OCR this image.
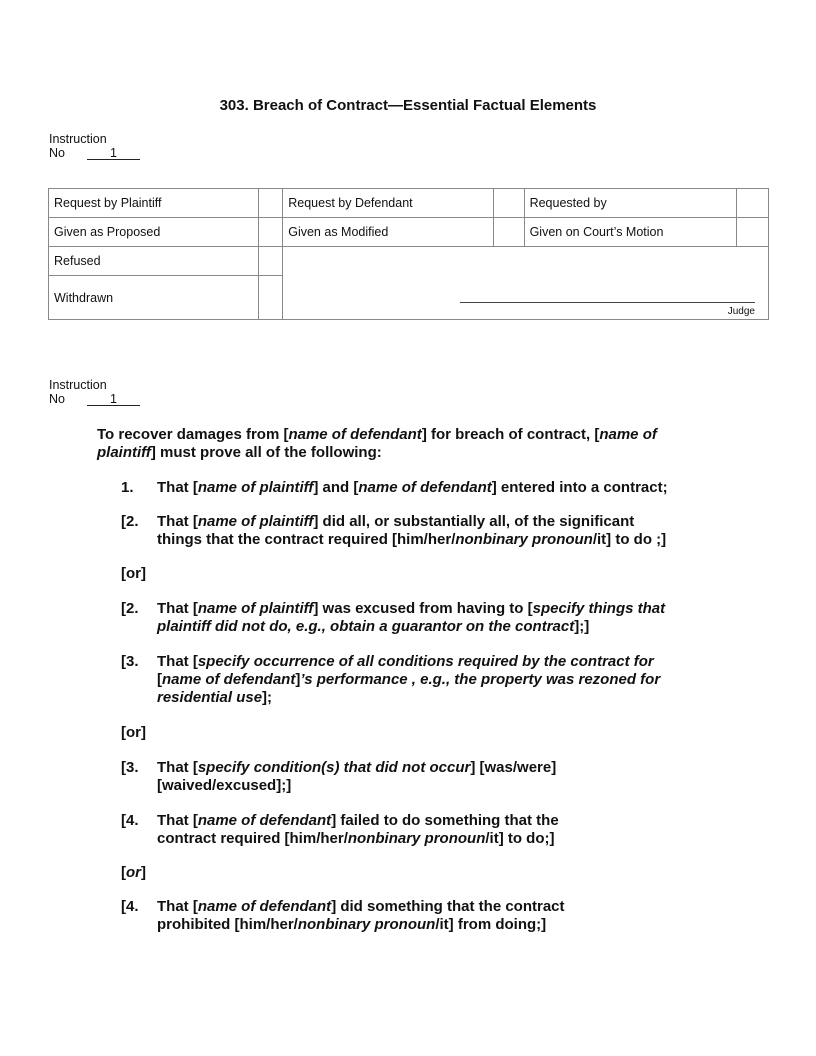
303. Breach of Contract—Essential Factual Elements
Instruction
No	1
Request by Plaintiff		Request by Defendant		Requested by	
Given as Proposed		Given as Modified		Given on Court’s Motion	
Refused		Judge			

Withdrawn					
Instruction
No	1
To recover damages from [name of defendant] for breach of contract, [name of
plaintiff] must prove all of the following:
1. That [name of plaintiff] and [name of defendant] entered into a contract;
[2. That [name of plaintiff] did all, or substantially all, of the significant
things that the contract required [him/her/nonbinary pronoun/it] to do ;]
[or]
[2. That [name of plaintiff] was excused from having to [specify things that
plaintiff did not do, e.g., obtain a guarantor on the contract];]
[3. That [specify occurrence of all conditions required by the contract for
[name of defendant]’s performance , e.g., the property was rezoned for
residential use];
[or]
[3. That [specify condition(s) that did not occur] [was/were]
[waived/excused];]
[4. That [name of defendant] failed to do something that the
contract required [him/her/nonbinary pronoun/it] to do;]
[or]
[4. That [name of defendant] did something that the contract
prohibited [him/her/nonbinary pronoun/it] from doing;]
